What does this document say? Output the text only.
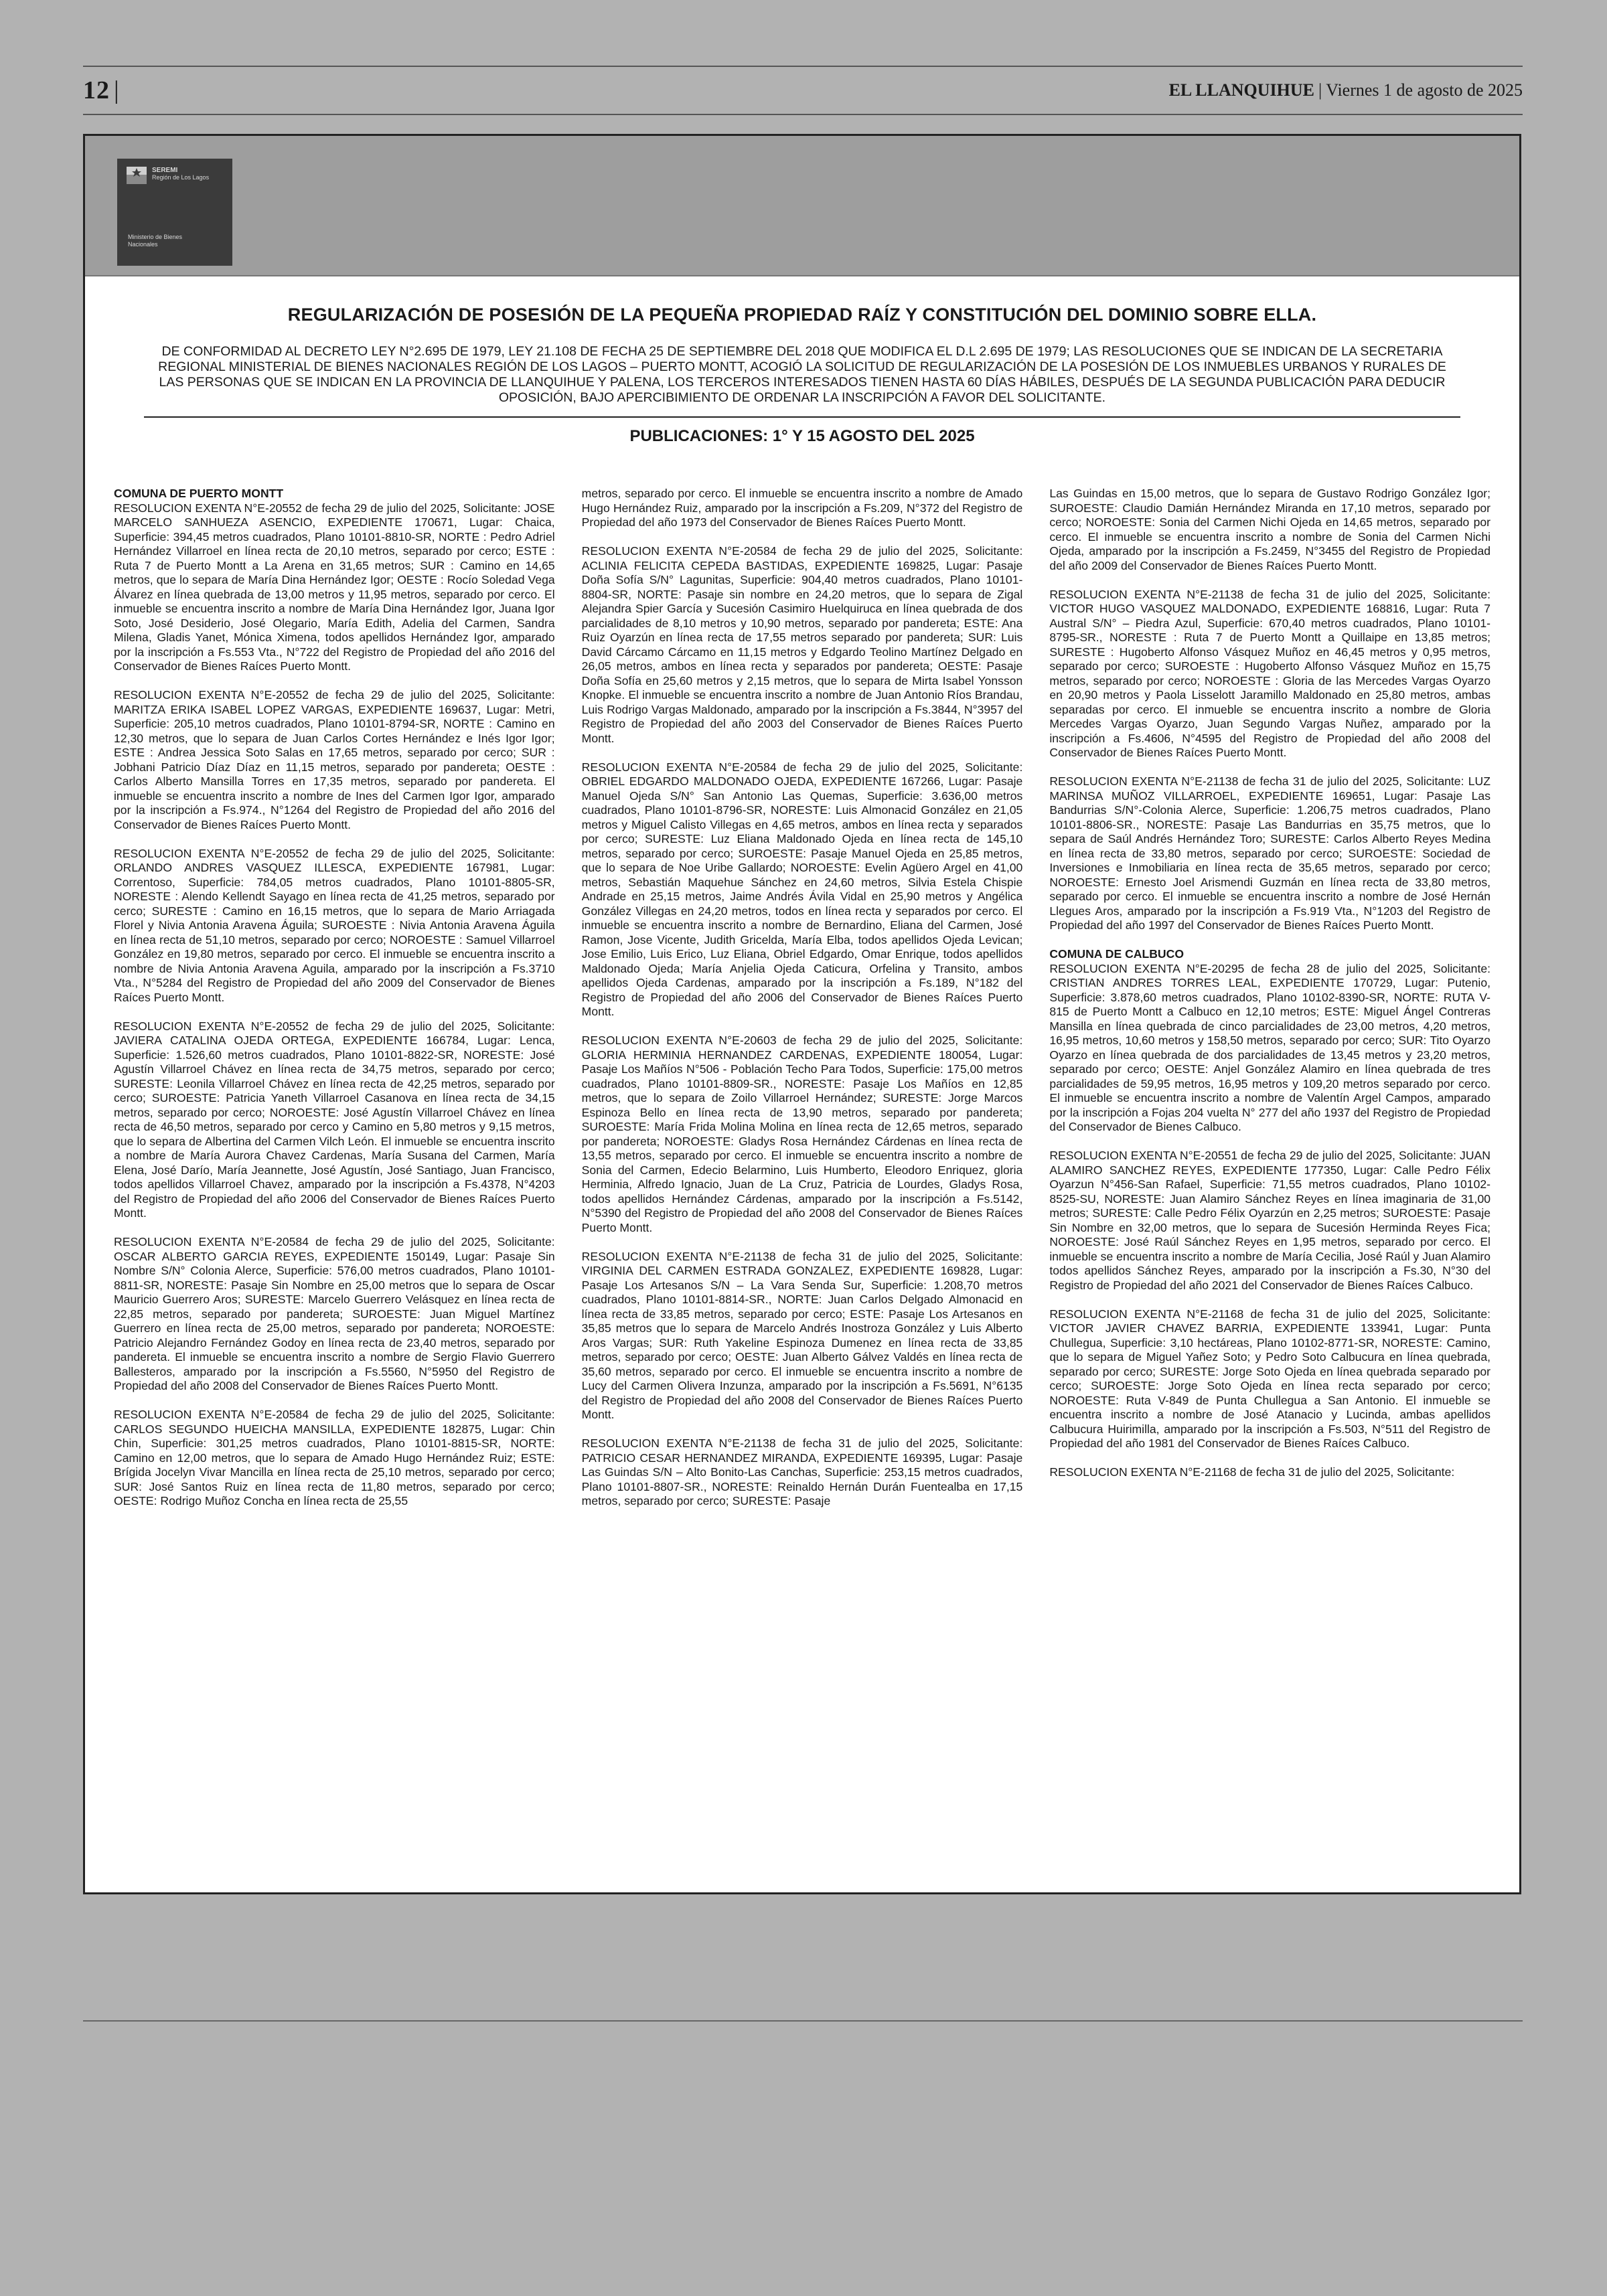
12 |	EL LLANQUIHUE | Viernes 1 de agosto de 2025
SEREMI
Región de Los Lagos
Ministerio de Bienes Nacionales
REGULARIZACIÓN DE POSESIÓN DE LA PEQUEÑA PROPIEDAD RAÍZ Y CONSTITUCIÓN DEL DOMINIO SOBRE ELLA.
DE CONFORMIDAD AL DECRETO LEY N°2.695 DE 1979, LEY 21.108 DE FECHA 25 DE SEPTIEMBRE DEL 2018 QUE MODIFICA EL D.L 2.695 DE 1979; LAS RESOLUCIONES QUE SE INDICAN DE LA SECRETARIA REGIONAL MINISTERIAL DE BIENES NACIONALES REGIÓN DE LOS LAGOS – PUERTO MONTT, ACOGIÓ LA SOLICITUD DE REGULARIZACIÓN DE LA POSESIÓN DE LOS INMUEBLES URBANOS Y RURALES DE LAS PERSONAS QUE SE INDICAN EN LA PROVINCIA DE LLANQUIHUE Y PALENA, LOS TERCEROS INTERESADOS TIENEN HASTA 60 DÍAS HÁBILES, DESPUÉS DE LA SEGUNDA PUBLICACIÓN PARA DEDUCIR OPOSICIÓN, BAJO APERCIBIMIENTO DE ORDENAR LA INSCRIPCIÓN A FAVOR DEL SOLICITANTE.
PUBLICACIONES: 1° Y 15 AGOSTO DEL 2025
COMUNA DE PUERTO MONTT

RESOLUCION EXENTA N°E-20552 de fecha 29 de julio del 2025, Solicitante: JOSE MARCELO SANHUEZA ASENCIO, EXPEDIENTE 170671, Lugar: Chaica, Superficie: 394,45 metros cuadrados, Plano 10101-8810-SR, NORTE : Pedro Adriel Hernández Villarroel en línea recta de 20,10 metros, separado por cerco; ESTE : Ruta 7 de Puerto Montt a La Arena en 31,65 metros; SUR : Camino en 14,65 metros, que lo separa de María Dina Hernández Igor; OESTE : Rocío Soledad Vega Álvarez en línea quebrada de 13,00 metros y 11,95 metros, separado por cerco. El inmueble se encuentra inscrito a nombre de María Dina Hernández Igor, Juana Igor Soto, José Desiderio, José Olegario, María Edith, Adelia del Carmen, Sandra Milena, Gladis Yanet, Mónica Ximena, todos apellidos Hernández Igor, amparado por la inscripción a Fs.553 Vta., N°722 del Registro de Propiedad del año 2016 del Conservador de Bienes Raíces Puerto Montt.

RESOLUCION EXENTA N°E-20552 de fecha 29 de julio del 2025, Solicitante: MARITZA ERIKA ISABEL LOPEZ VARGAS, EXPEDIENTE 169637, Lugar: Metri, Superficie: 205,10 metros cuadrados, Plano 10101-8794-SR, NORTE : Camino en 12,30 metros, que lo separa de Juan Carlos Cortes Hernández e Inés Igor Igor; ESTE : Andrea Jessica Soto Salas en 17,65 metros, separado por cerco; SUR : Jobhani Patricio Díaz Díaz en 11,15 metros, separado por pandereta; OESTE : Carlos Alberto Mansilla Torres en 17,35 metros, separado por pandereta. El inmueble se encuentra inscrito a nombre de Ines del Carmen Igor Igor, amparado por la inscripción a Fs.974., N°1264 del Registro de Propiedad del año 2016 del Conservador de Bienes Raíces Puerto Montt.

RESOLUCION EXENTA N°E-20552 de fecha 29 de julio del 2025, Solicitante: ORLANDO ANDRES VASQUEZ ILLESCA, EXPEDIENTE 167981, Lugar: Correntoso, Superficie: 784,05 metros cuadrados, Plano 10101-8805-SR, NORESTE : Alendo Kellendt Sayago en línea recta de 41,25 metros, separado por cerco; SURESTE : Camino en 16,15 metros, que lo separa de Mario Arriagada Florel y Nivia Antonia Aravena Águila; SUROESTE : Nivia Antonia Aravena Águila en línea recta de 51,10 metros, separado por cerco; NOROESTE : Samuel Villarroel González en 19,80 metros, separado por cerco. El inmueble se encuentra inscrito a nombre de Nivia Antonia Aravena Aguila, amparado por la inscripción a Fs.3710 Vta., N°5284 del Registro de Propiedad del año 2009 del Conservador de Bienes Raíces Puerto Montt.

RESOLUCION EXENTA N°E-20552 de fecha 29 de julio del 2025, Solicitante: JAVIERA CATALINA OJEDA ORTEGA, EXPEDIENTE 166784, Lugar: Lenca, Superficie: 1.526,60 metros cuadrados, Plano 10101-8822-SR, NORESTE: José Agustín Villarroel Chávez en línea recta de 34,75 metros, separado por cerco; SURESTE: Leonila Villarroel Chávez en línea recta de 42,25 metros, separado por cerco; SUROESTE: Patricia Yaneth Villarroel Casanova en línea recta de 34,15 metros, separado por cerco; NOROESTE: José Agustín Villarroel Chávez en línea recta de 46,50 metros, separado por cerco y Camino en 5,80 metros y 9,15 metros, que lo separa de Albertina del Carmen Vilch León. El inmueble se encuentra inscrito a nombre de María Aurora Chavez Cardenas, María Susana del Carmen, María Elena, José Darío, María Jeannette, José Agustín, José Santiago, Juan Francisco, todos apellidos Villarroel Chavez, amparado por la inscripción a Fs.4378, N°4203 del Registro de Propiedad del año 2006 del Conservador de Bienes Raíces Puerto Montt.

RESOLUCION EXENTA N°E-20584 de fecha 29 de julio del 2025, Solicitante: OSCAR ALBERTO GARCIA REYES, EXPEDIENTE 150149, Lugar: Pasaje Sin Nombre S/N° Colonia Alerce, Superficie: 576,00 metros cuadrados, Plano 10101-8811-SR, NORESTE: Pasaje Sin Nombre en 25,00 metros que lo separa de Oscar Mauricio Guerrero Aros; SURESTE: Marcelo Guerrero Velásquez en línea recta de 22,85 metros, separado por pandereta; SUROESTE: Juan Miguel Martínez Guerrero en línea recta de 25,00 metros, separado por pandereta; NOROESTE: Patricio Alejandro Fernández Godoy en línea recta de 23,40 metros, separado por pandereta. El inmueble se encuentra inscrito a nombre de Sergio Flavio Guerrero Ballesteros, amparado por la inscripción a Fs.5560, N°5950 del Registro de Propiedad del año 2008 del Conservador de Bienes Raíces Puerto Montt.

RESOLUCION EXENTA N°E-20584 de fecha 29 de julio del 2025, Solicitante: CARLOS SEGUNDO HUEICHA MANSILLA, EXPEDIENTE 182875, Lugar: Chin Chin, Superficie: 301,25 metros cuadrados, Plano 10101-8815-SR, NORTE: Camino en 12,00 metros, que lo separa de Amado Hugo Hernández Ruiz; ESTE: Brígida Jocelyn Vivar Mancilla en línea recta de 25,10 metros, separado por cerco; SUR: José Santos Ruiz en línea recta de 11,80 metros, separado por cerco; OESTE: Rodrigo Muñoz Concha en línea recta de 25,55

metros, separado por cerco. El inmueble se encuentra inscrito a nombre de Amado Hugo Hernández Ruiz, amparado por la inscripción a Fs.209, N°372 del Registro de Propiedad del año 1973 del Conservador de Bienes Raíces Puerto Montt.

RESOLUCION EXENTA N°E-20584 de fecha 29 de julio del 2025, Solicitante: ACLINIA FELICITA CEPEDA BASTIDAS, EXPEDIENTE 169825, Lugar: Pasaje Doña Sofía S/N° Lagunitas, Superficie: 904,40 metros cuadrados, Plano 10101-8804-SR, NORTE: Pasaje sin nombre en 24,20 metros, que lo separa de Zigal Alejandra Spier García y Sucesión Casimiro Huelquiruca en línea quebrada de dos parcialidades de 8,10 metros y 10,90 metros, separado por pandereta; ESTE: Ana Ruiz Oyarzún en línea recta de 17,55 metros separado por pandereta; SUR: Luis David Cárcamo Cárcamo en 11,15 metros y Edgardo Teolino Martínez Delgado en 26,05 metros, ambos en línea recta y separados por pandereta; OESTE: Pasaje Doña Sofía en 25,60 metros y 2,15 metros, que lo separa de Mirta Isabel Yonsson Knopke. El inmueble se encuentra inscrito a nombre de Juan Antonio Ríos Brandau, Luis Rodrigo Vargas Maldonado, amparado por la inscripción a Fs.3844, N°3957 del Registro de Propiedad del año 2003 del Conservador de Bienes Raíces Puerto Montt.

RESOLUCION EXENTA N°E-20584 de fecha 29 de julio del 2025, Solicitante: OBRIEL EDGARDO MALDONADO OJEDA, EXPEDIENTE 167266, Lugar: Pasaje Manuel Ojeda S/N° San Antonio Las Quemas, Superficie: 3.636,00 metros cuadrados, Plano 10101-8796-SR, NORESTE: Luis Almonacid González en 21,05 metros y Miguel Calisto Villegas en 4,65 metros, ambos en línea recta y separados por cerco; SURESTE: Luz Eliana Maldonado Ojeda en línea recta de 145,10 metros, separado por cerco; SUROESTE: Pasaje Manuel Ojeda en 25,85 metros, que lo separa de Noe Uribe Gallardo; NOROESTE: Evelin Agüero Argel en 41,00 metros, Sebastián Maquehue Sánchez en 24,60 metros, Silvia Estela Chispie Andrade en 25,15 metros, Jaime Andrés Ávila Vidal en 25,90 metros y Angélica González Villegas en 24,20 metros, todos en línea recta y separados por cerco. El inmueble se encuentra inscrito a nombre de Bernardino, Eliana del Carmen, José Ramon, Jose Vicente, Judith Gricelda, María Elba, todos apellidos Ojeda Levican; Jose Emilio, Luis Erico, Luz Eliana, Obriel Edgardo, Omar Enrique, todos apellidos Maldonado Ojeda; María Anjelia Ojeda Caticura, Orfelina y Transito, ambos apellidos Ojeda Cardenas, amparado por la inscripción a Fs.189, N°182 del Registro de Propiedad del año 2006 del Conservador de Bienes Raíces Puerto Montt.

RESOLUCION EXENTA N°E-20603 de fecha 29 de julio del 2025, Solicitante: GLORIA HERMINIA HERNANDEZ CARDENAS, EXPEDIENTE 180054, Lugar: Pasaje Los Mañíos N°506 - Población Techo Para Todos, Superficie: 175,00 metros cuadrados, Plano 10101-8809-SR., NORESTE: Pasaje Los Mañíos en 12,85 metros, que lo separa de Zoilo Villarroel Hernández; SURESTE: Jorge Marcos Espinoza Bello en línea recta de 13,90 metros, separado por pandereta; SUROESTE: María Frida Molina Molina en línea recta de 12,65 metros, separado por pandereta; NOROESTE: Gladys Rosa Hernández Cárdenas en línea recta de 13,55 metros, separado por cerco. El inmueble se encuentra inscrito a nombre de Sonia del Carmen, Edecio Belarmino, Luis Humberto, Eleodoro Enriquez, gloria Herminia, Alfredo Ignacio, Juan de La Cruz, Patricia de Lourdes, Gladys Rosa, todos apellidos Hernández Cárdenas, amparado por la inscripción a Fs.5142, N°5390 del Registro de Propiedad del año 2008 del Conservador de Bienes Raíces Puerto Montt.

RESOLUCION EXENTA N°E-21138 de fecha 31 de julio del 2025, Solicitante: VIRGINIA DEL CARMEN ESTRADA GONZALEZ, EXPEDIENTE 169828, Lugar: Pasaje Los Artesanos S/N – La Vara Senda Sur, Superficie: 1.208,70 metros cuadrados, Plano 10101-8814-SR., NORTE: Juan Carlos Delgado Almonacid en línea recta de 33,85 metros, separado por cerco; ESTE: Pasaje Los Artesanos en 35,85 metros que lo separa de Marcelo Andrés Inostroza González y Luis Alberto Aros Vargas; SUR: Ruth Yakeline Espinoza Dumenez en línea recta de 33,85 metros, separado por cerco; OESTE: Juan Alberto Gálvez Valdés en línea recta de 35,60 metros, separado por cerco. El inmueble se encuentra inscrito a nombre de Lucy del Carmen Olivera Inzunza, amparado por la inscripción a Fs.5691, N°6135 del Registro de Propiedad del año 2008 del Conservador de Bienes Raíces Puerto Montt.

RESOLUCION EXENTA N°E-21138 de fecha 31 de julio del 2025, Solicitante: PATRICIO CESAR HERNANDEZ MIRANDA, EXPEDIENTE 169395, Lugar: Pasaje Las Guindas S/N – Alto Bonito-Las Canchas, Superficie: 253,15 metros cuadrados, Plano 10101-8807-SR., NORESTE: Reinaldo Hernán Durán Fuentealba en 17,15 metros, separado por cerco; SURESTE: Pasaje

Las Guindas en 15,00 metros, que lo separa de Gustavo Rodrigo González Igor; SUROESTE: Claudio Damián Hernández Miranda en 17,10 metros, separado por cerco; NOROESTE: Sonia del Carmen Nichi Ojeda en 14,65 metros, separado por cerco. El inmueble se encuentra inscrito a nombre de Sonia del Carmen Nichi Ojeda, amparado por la inscripción a Fs.2459, N°3455 del Registro de Propiedad del año 2009 del Conservador de Bienes Raíces Puerto Montt.

RESOLUCION EXENTA N°E-21138 de fecha 31 de julio del 2025, Solicitante: VICTOR HUGO VASQUEZ MALDONADO, EXPEDIENTE 168816, Lugar: Ruta 7 Austral S/N° – Piedra Azul, Superficie: 670,40 metros cuadrados, Plano 10101-8795-SR., NORESTE : Ruta 7 de Puerto Montt a Quillaipe en 13,85 metros; SURESTE : Hugoberto Alfonso Vásquez Muñoz en 46,45 metros y 0,95 metros, separado por cerco; SUROESTE : Hugoberto Alfonso Vásquez Muñoz en 15,75 metros, separado por cerco; NOROESTE : Gloria de las Mercedes Vargas Oyarzo en 20,90 metros y Paola Lisselott Jaramillo Maldonado en 25,80 metros, ambas separadas por cerco. El inmueble se encuentra inscrito a nombre de Gloria Mercedes Vargas Oyarzo, Juan Segundo Vargas Nuñez, amparado por la inscripción a Fs.4606, N°4595 del Registro de Propiedad del año 2008 del Conservador de Bienes Raíces Puerto Montt.

RESOLUCION EXENTA N°E-21138 de fecha 31 de julio del 2025, Solicitante: LUZ MARINSA MUÑOZ VILLARROEL, EXPEDIENTE 169651, Lugar: Pasaje Las Bandurrias S/N°-Colonia Alerce, Superficie: 1.206,75 metros cuadrados, Plano 10101-8806-SR., NORESTE: Pasaje Las Bandurrias en 35,75 metros, que lo separa de Saúl Andrés Hernández Toro; SURESTE: Carlos Alberto Reyes Medina en línea recta de 33,80 metros, separado por cerco; SUROESTE: Sociedad de Inversiones e Inmobiliaria en línea recta de 35,65 metros, separado por cerco; NOROESTE: Ernesto Joel Arismendi Guzmán en línea recta de 33,80 metros, separado por cerco. El inmueble se encuentra inscrito a nombre de José Hernán Llegues Aros, amparado por la inscripción a Fs.919 Vta., N°1203 del Registro de Propiedad del año 1997 del Conservador de Bienes Raíces Puerto Montt.

COMUNA DE CALBUCO

RESOLUCION EXENTA N°E-20295 de fecha 28 de julio del 2025, Solicitante: CRISTIAN ANDRES TORRES LEAL, EXPEDIENTE 170729, Lugar: Putenio, Superficie: 3.878,60 metros cuadrados, Plano 10102-8390-SR, NORTE: RUTA V-815 de Puerto Montt a Calbuco en 12,10 metros; ESTE: Miguel Ángel Contreras Mansilla en línea quebrada de cinco parcialidades de 23,00 metros, 4,20 metros, 16,95 metros, 10,60 metros y 158,50 metros, separado por cerco; SUR: Tito Oyarzo Oyarzo en línea quebrada de dos parcialidades de 13,45 metros y 23,20 metros, separado por cerco; OESTE: Anjel González Alamiro en línea quebrada de tres parcialidades de 59,95 metros, 16,95 metros y 109,20 metros separado por cerco. El inmueble se encuentra inscrito a nombre de Valentín Argel Campos, amparado por la inscripción a Fojas 204 vuelta N° 277 del año 1937 del Registro de Propiedad del Conservador de Bienes Calbuco.

RESOLUCION EXENTA N°E-20551 de fecha 29 de julio del 2025, Solicitante: JUAN ALAMIRO SANCHEZ REYES, EXPEDIENTE 177350, Lugar: Calle Pedro Félix Oyarzun N°456-San Rafael, Superficie: 71,55 metros cuadrados, Plano 10102-8525-SU, NORESTE: Juan Alamiro Sánchez Reyes en línea imaginaria de 31,00 metros; SURESTE: Calle Pedro Félix Oyarzún en 2,25 metros; SUROESTE: Pasaje Sin Nombre en 32,00 metros, que lo separa de Sucesión Herminda Reyes Fica; NOROESTE: José Raúl Sánchez Reyes en 1,95 metros, separado por cerco. El inmueble se encuentra inscrito a nombre de María Cecilia, José Raúl y Juan Alamiro todos apellidos Sánchez Reyes, amparado por la inscripción a Fs.30, N°30 del Registro de Propiedad del año 2021 del Conservador de Bienes Raíces Calbuco.

RESOLUCION EXENTA N°E-21168 de fecha 31 de julio del 2025, Solicitante: VICTOR JAVIER CHAVEZ BARRIA, EXPEDIENTE 133941, Lugar: Punta Chullegua, Superficie: 3,10 hectáreas, Plano 10102-8771-SR, NORESTE: Camino, que lo separa de Miguel Yañez Soto; y Pedro Soto Calbucura en línea quebrada, separado por cerco; SURESTE: Jorge Soto Ojeda en línea quebrada separado por cerco; SUROESTE: Jorge Soto Ojeda en línea recta separado por cerco; NOROESTE: Ruta V-849 de Punta Chullegua a San Antonio. El inmueble se encuentra inscrito a nombre de José Atanacio y Lucinda, ambas apellidos Calbucura Huirimilla, amparado por la inscripción a Fs.503, N°511 del Registro de Propiedad del año 1981 del Conservador de Bienes Raíces Calbuco.

RESOLUCION EXENTA N°E-21168 de fecha 31 de julio del 2025, Solicitante:
